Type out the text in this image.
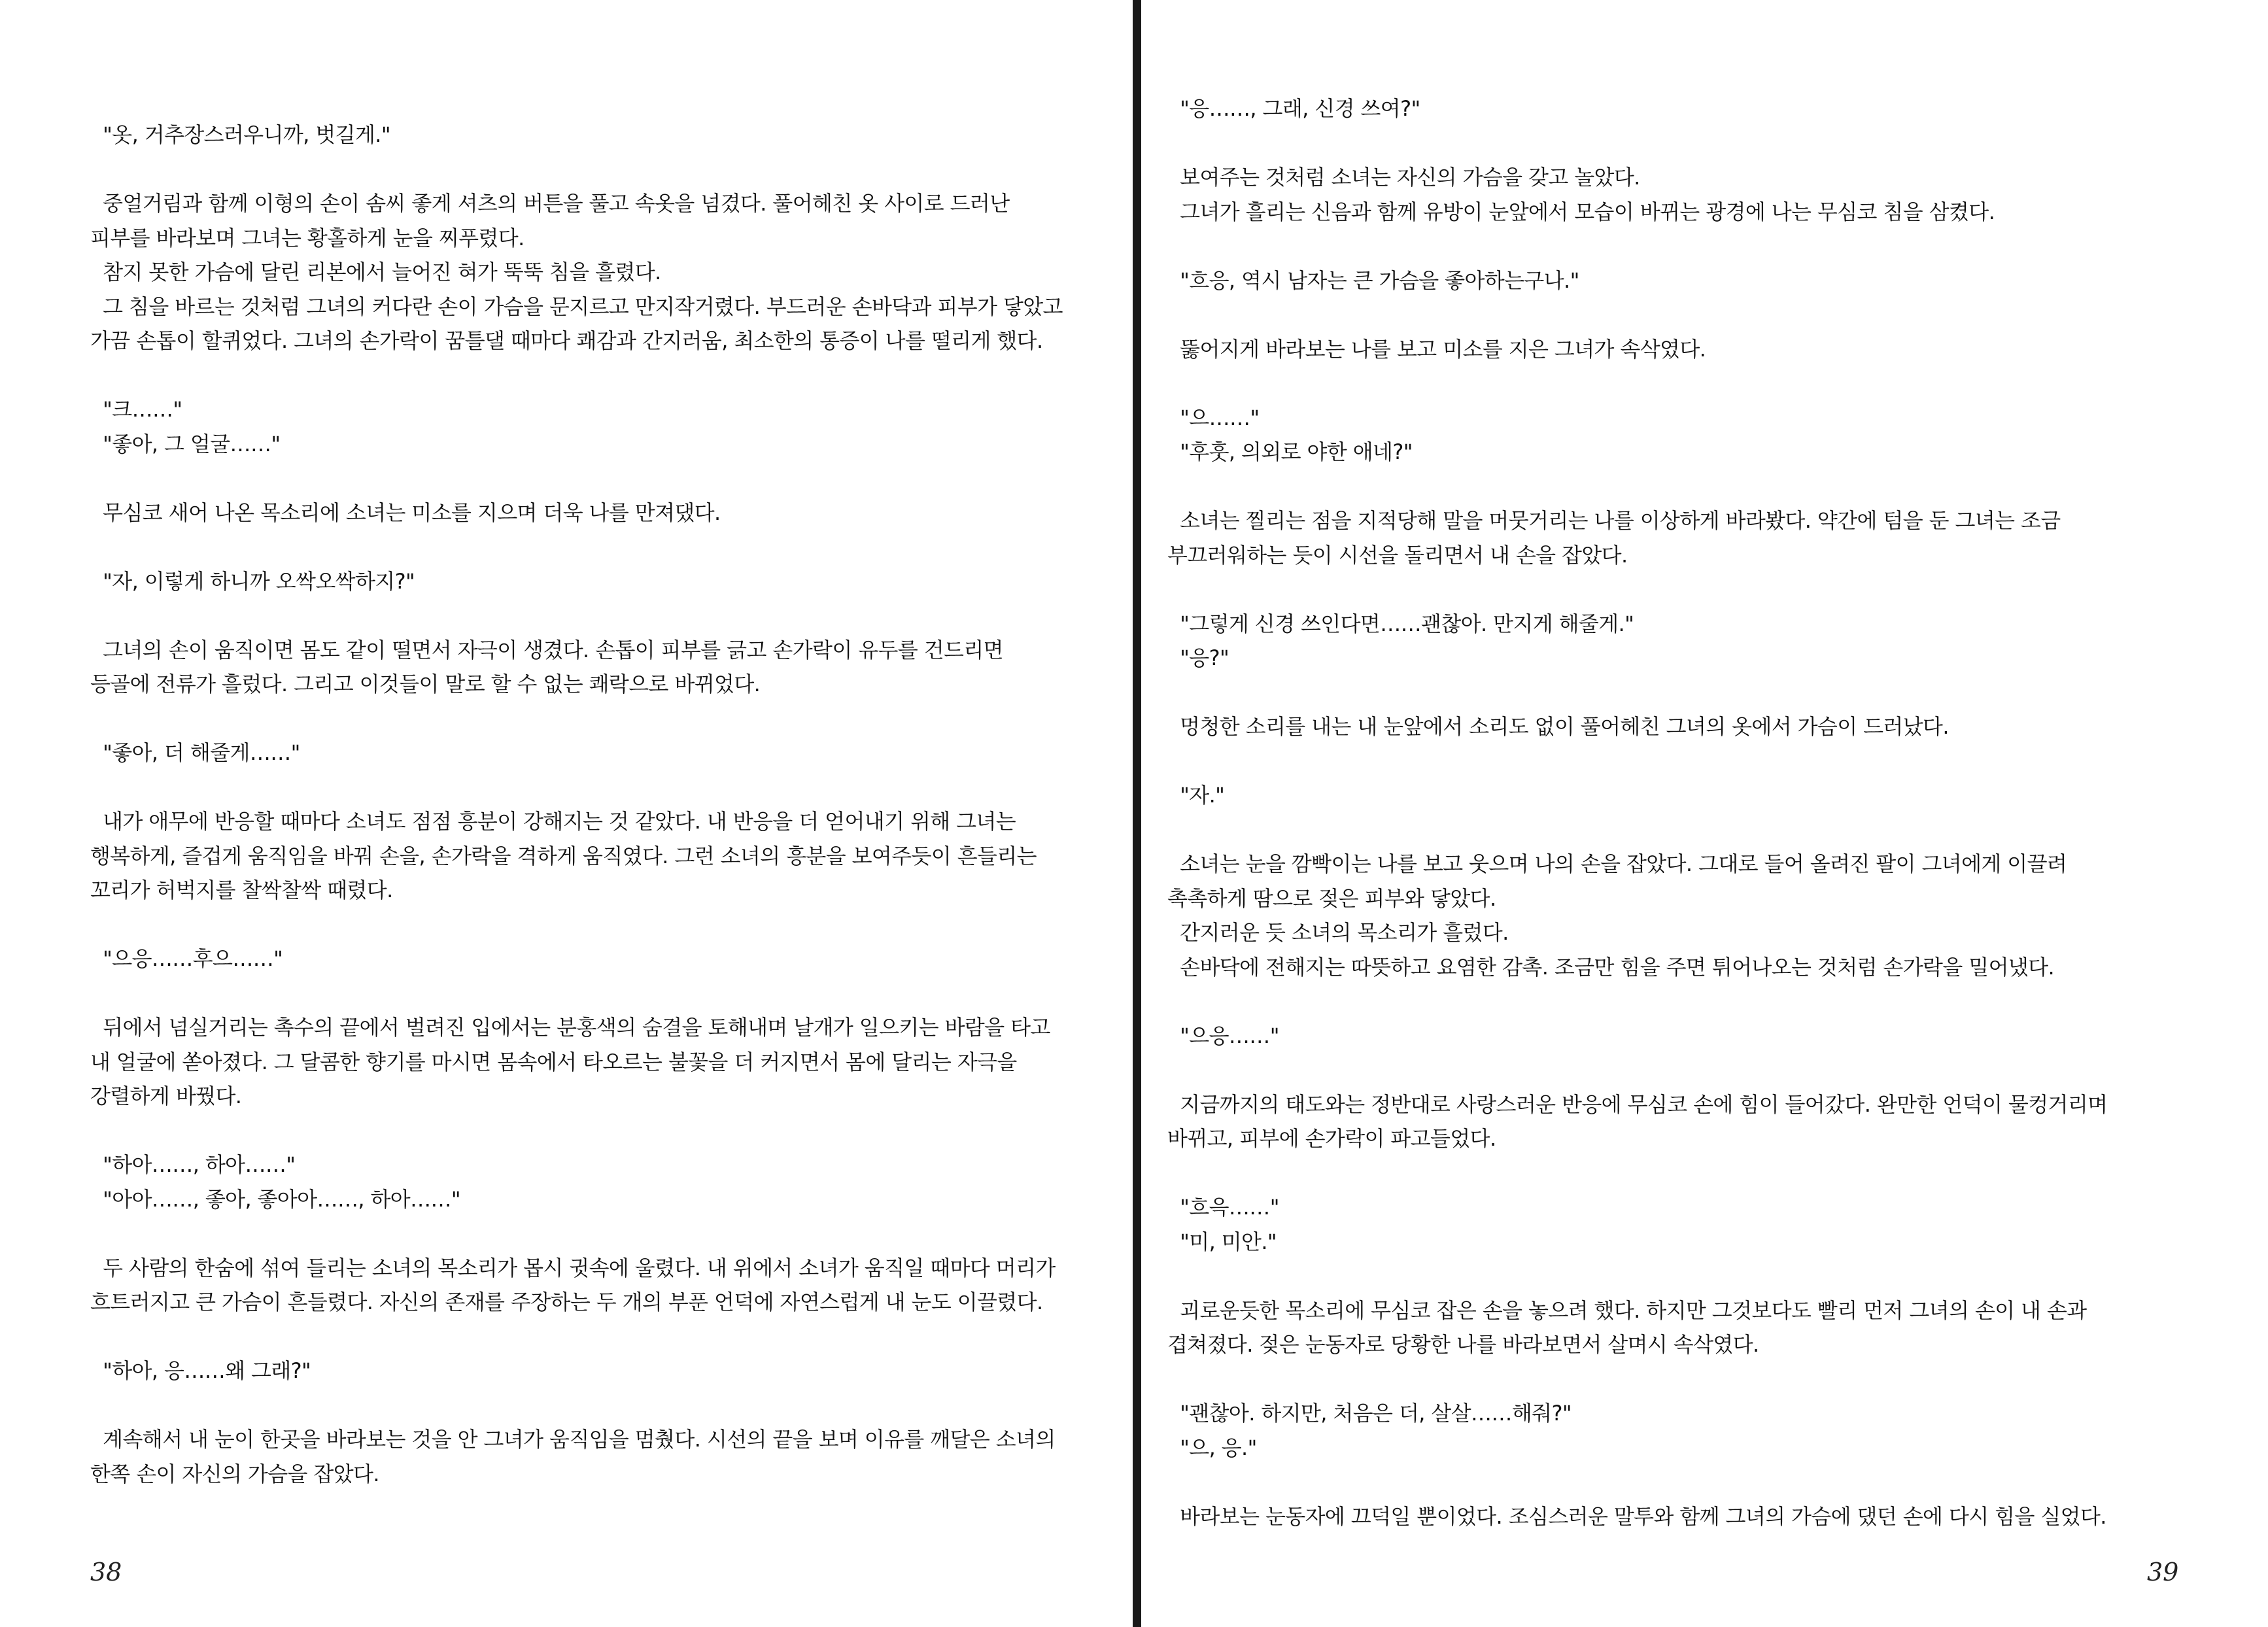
"옷, 거추장스러우니까, 벗길게."

중얼거림과 함께 이형의 손이 솜씨 좋게 셔츠의 버튼을 풀고 속옷을 넘겼다. 풀어헤친 옷 사이로 드러난
피부를 바라보며 그녀는 황홀하게 눈을 찌푸렸다.
참지 못한 가슴에 달린 리본에서 늘어진 혀가 뚝뚝 침을 흘렸다.
그 침을 바르는 것처럼 그녀의 커다란 손이 가슴을 문지르고 만지작거렸다. 부드러운 손바닥과 피부가 닿았고
가끔 손톱이 할퀴었다. 그녀의 손가락이 꿈틀댈 때마다 쾌감과 간지러움, 최소한의 통증이 나를 떨리게 했다.

"크……"
"좋아, 그 얼굴……"

무심코 새어 나온 목소리에 소녀는 미소를 지으며 더욱 나를 만져댔다.

"자, 이렇게 하니까 오싹오싹하지?"

그녀의 손이 움직이면 몸도 같이 떨면서 자극이 생겼다. 손톱이 피부를 긁고 손가락이 유두를 건드리면
등골에 전류가 흘렀다. 그리고 이것들이 말로 할 수 없는 쾌락으로 바뀌었다.

"좋아, 더 해줄게……"

내가 애무에 반응할 때마다 소녀도 점점 흥분이 강해지는 것 같았다. 내 반응을 더 얻어내기 위해 그녀는
행복하게, 즐겁게 움직임을 바꿔 손을, 손가락을 격하게 움직였다. 그런 소녀의 흥분을 보여주듯이 흔들리는
꼬리가 허벅지를 찰싹찰싹 때렸다.

"으응……후으……"

뒤에서 넘실거리는 촉수의 끝에서 벌려진 입에서는 분홍색의 숨결을 토해내며 날개가 일으키는 바람을 타고
내 얼굴에 쏟아졌다. 그 달콤한 향기를 마시면 몸속에서 타오르는 불꽃을 더 커지면서 몸에 달리는 자극을
강렬하게 바꿨다.

"하아……, 하아……"
"아아……, 좋아, 좋아아……, 하아……"

두 사람의 한숨에 섞여 들리는 소녀의 목소리가 몹시 귓속에 울렸다. 내 위에서 소녀가 움직일 때마다 머리가
흐트러지고 큰 가슴이 흔들렸다. 자신의 존재를 주장하는 두 개의 부푼 언덕에 자연스럽게 내 눈도 이끌렸다.

"하아, 응……왜 그래?"

계속해서 내 눈이 한곳을 바라보는 것을 안 그녀가 움직임을 멈췄다. 시선의 끝을 보며 이유를 깨달은 소녀의
한쪽 손이 자신의 가슴을 잡았다.

38

"응……, 그래, 신경 쓰여?"

보여주는 것처럼 소녀는 자신의 가슴을 갖고 놀았다.
그녀가 흘리는 신음과 함께 유방이 눈앞에서 모습이 바뀌는 광경에 나는 무심코 침을 삼켰다.

"흐응, 역시 남자는 큰 가슴을 좋아하는구나."

뚫어지게 바라보는 나를 보고 미소를 지은 그녀가 속삭였다.

"으……"
"후훗, 의외로 야한 애네?"

소녀는 찔리는 점을 지적당해 말을 머뭇거리는 나를 이상하게 바라봤다. 약간에 텀을 둔 그녀는 조금
부끄러워하는 듯이 시선을 돌리면서 내 손을 잡았다.

"그렇게 신경 쓰인다면……괜찮아. 만지게 해줄게."
"응?"

멍청한 소리를 내는 내 눈앞에서 소리도 없이 풀어헤친 그녀의 옷에서 가슴이 드러났다.

"자."

소녀는 눈을 깜빡이는 나를 보고 웃으며 나의 손을 잡았다. 그대로 들어 올려진 팔이 그녀에게 이끌려
촉촉하게 땀으로 젖은 피부와 닿았다.
간지러운 듯 소녀의 목소리가 흘렀다.
손바닥에 전해지는 따뜻하고 요염한 감촉. 조금만 힘을 주면 튀어나오는 것처럼 손가락을 밀어냈다.

"으응……"

지금까지의 태도와는 정반대로 사랑스러운 반응에 무심코 손에 힘이 들어갔다. 완만한 언덕이 물컹거리며
바뀌고, 피부에 손가락이 파고들었다.

"흐윽……"
"미, 미안."

괴로운듯한 목소리에 무심코 잡은 손을 놓으려 했다. 하지만 그것보다도 빨리 먼저 그녀의 손이 내 손과
겹쳐졌다. 젖은 눈동자로 당황한 나를 바라보면서 살며시 속삭였다.

"괜찮아. 하지만, 처음은 더, 살살……해줘?"
"으, 응."

바라보는 눈동자에 끄덕일 뿐이었다. 조심스러운 말투와 함께 그녀의 가슴에 댔던 손에 다시 힘을 실었다.

39
